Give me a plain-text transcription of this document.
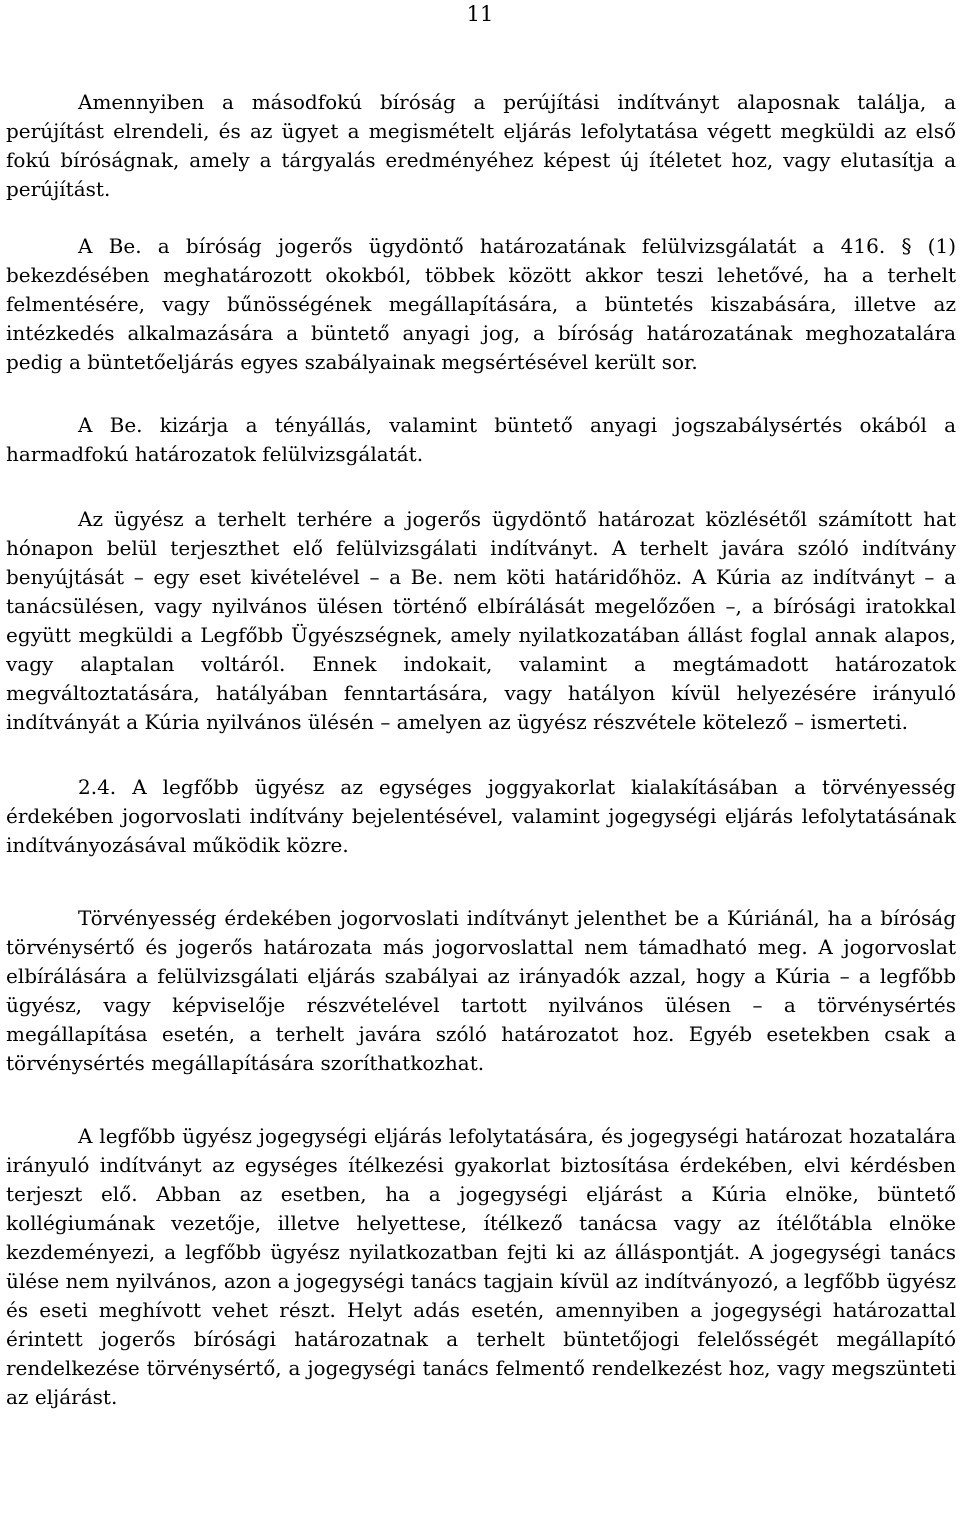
11

Amennyiben a másodfokú bíróság a perújítási indítványt alaposnak találja, a perújítást elrendeli, és az ügyet a megismételt eljárás lefolytatása végett megküldi az első fokú bíróságnak, amely a tárgyalás eredményéhez képest új ítéletet hoz, vagy elutasítja a perújítást.

A Be. a bíróság jogerős ügydöntő határozatának felülvizsgálatát a 416. § (1) bekezdésében meghatározott okokból, többek között akkor teszi lehetővé, ha a terhelt felmentésére, vagy bűnösségének megállapítására, a büntetés kiszabására, illetve az intézkedés alkalmazására a büntető anyagi jog, a bíróság határozatának meghozatalára pedig a büntetőeljárás egyes szabályainak megsértésével került sor.

A Be. kizárja a tényállás, valamint büntető anyagi jogszabálysértés okából a harmadfokú határozatok felülvizsgálatát.

Az ügyész a terhelt terhére a jogerős ügydöntő határozat közlésétől számított hat hónapon belül terjeszthet elő felülvizsgálati indítványt. A terhelt javára szóló indítvány benyújtását – egy eset kivételével – a Be. nem köti határidőhöz. A Kúria az indítványt – a tanácsülésen, vagy nyilvános ülésen történő elbírálását megelőzően –, a bírósági iratokkal együtt megküldi a Legfőbb Ügyészségnek, amely nyilatkozatában állást foglal annak alapos, vagy alaptalan voltáról. Ennek indokait, valamint a megtámadott határozatok megváltoztatására, hatályában fenntartására, vagy hatályon kívül helyezésére irányuló indítványát a Kúria nyilvános ülésén – amelyen az ügyész részvétele kötelező – ismerteti.

2.4. A legfőbb ügyész az egységes joggyakorlat kialakításában a törvényesség érdekében jogorvoslati indítvány bejelentésével, valamint jogegységi eljárás lefolytatásának indítványozásával működik közre.

Törvényesség érdekében jogorvoslati indítványt jelenthet be a Kúriánál, ha a bíróság törvénysértő és jogerős határozata más jogorvoslattal nem támadható meg. A jogorvoslat elbírálására a felülvizsgálati eljárás szabályai az irányadók azzal, hogy a Kúria – a legfőbb ügyész, vagy képviselője részvételével tartott nyilvános ülésen – a törvénysértés megállapítása esetén, a terhelt javára szóló határozatot hoz. Egyéb esetekben csak a törvénysértés megállapítására szoríthatkozhat.

A legfőbb ügyész jogegységi eljárás lefolytatására, és jogegységi határozat hozatalára irányuló indítványt az egységes ítélkezési gyakorlat biztosítása érdekében, elvi kérdésben terjeszt elő. Abban az esetben, ha a jogegységi eljárást a Kúria elnöke, büntető kollégiumának vezetője, illetve helyettese, ítélkező tanácsa vagy az ítélőtábla elnöke kezdeményezi, a legfőbb ügyész nyilatkozatban fejti ki az álláspontját. A jogegységi tanács ülése nem nyilvános, azon a jogegységi tanács tagjain kívül az indítványozó, a legfőbb ügyész és eseti meghívott vehet részt. Helyt adás esetén, amennyiben a jogegységi határozattal érintett jogerős bírósági határozatnak a terhelt büntetőjogi felelősségét megállapító rendelkezése törvénysértő, a jogegységi tanács felmentő rendelkezést hoz, vagy megszünteti az eljárást.
